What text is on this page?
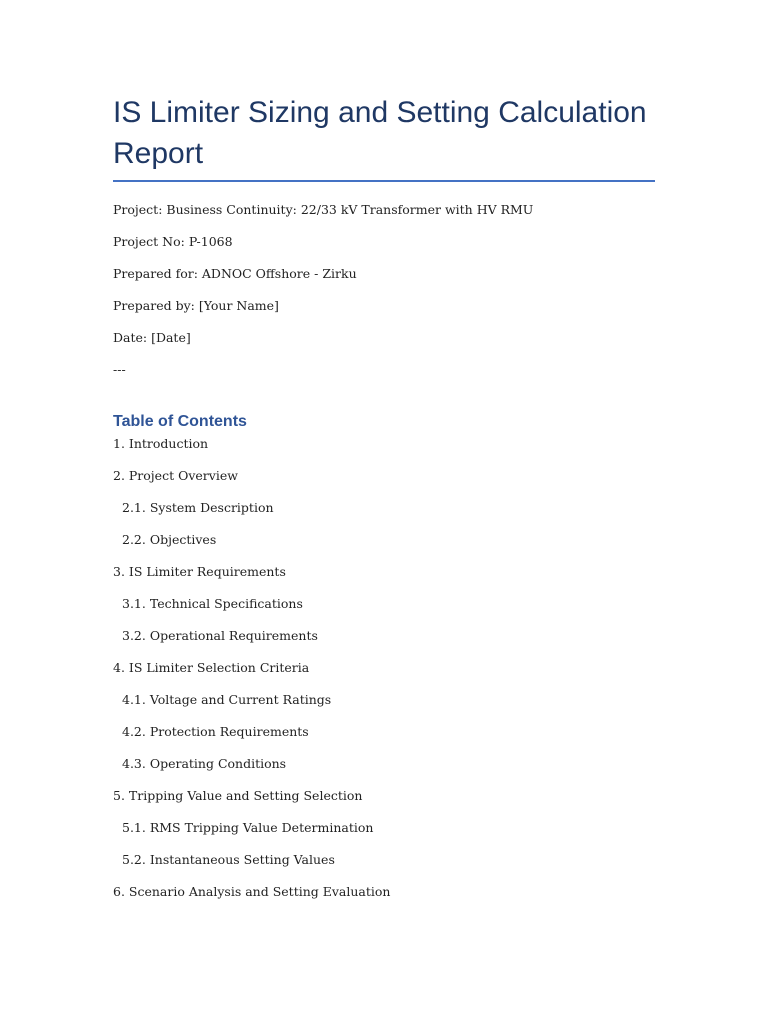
IS Limiter Sizing and Setting Calculation Report
Project: Business Continuity: 22/33 kV Transformer with HV RMU
Project No: P-1068
Prepared for: ADNOC Offshore - Zirku
Prepared by: [Your Name]
Date: [Date]
---
Table of Contents
1. Introduction
2. Project Overview
2.1. System Description
2.2. Objectives
3. IS Limiter Requirements
3.1. Technical Specifications
3.2. Operational Requirements
4. IS Limiter Selection Criteria
4.1. Voltage and Current Ratings
4.2. Protection Requirements
4.3. Operating Conditions
5. Tripping Value and Setting Selection
5.1. RMS Tripping Value Determination
5.2. Instantaneous Setting Values
6. Scenario Analysis and Setting Evaluation
